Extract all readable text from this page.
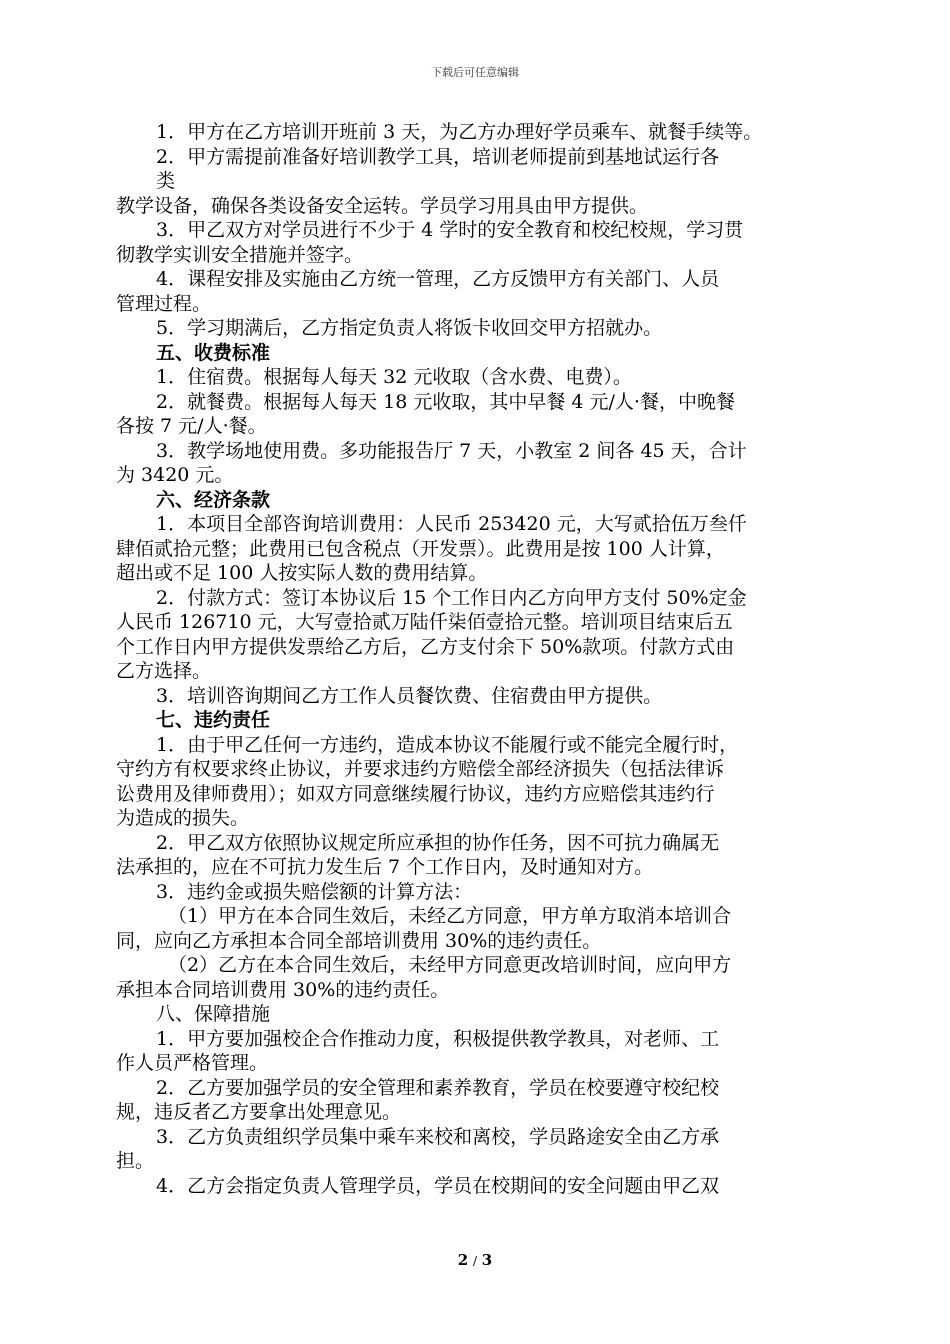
下载后可任意编辑
1．甲方在乙方培训开班前 3 天，为乙方办理好学员乘车、就餐手续等。
2．甲方需提前准备好培训教学工具，培训老师提前到基地试运行各
类
教学设备，确保各类设备安全运转。学员学习用具由甲方提供。
3．甲乙双方对学员进行不少于 4 学时的安全教育和校纪校规，学习贯
彻教学实训安全措施并签字。
4．课程安排及实施由乙方统一管理，乙方反馈甲方有关部门、人员
管理过程。
5．学习期满后，乙方指定负责人将饭卡收回交甲方招就办。
五、收费标准
1．住宿费。根据每人每天 32 元收取（含水费、电费）。
2．就餐费。根据每人每天 18 元收取，其中早餐 4 元/人·餐，中晚餐
各按 7 元/人·餐。
3．教学场地使用费。多功能报告厅 7 天，小教室 2 间各 45 天，合计
为 3420 元。
六、经济条款
1．本项目全部咨询培训费用：人民币 253420 元，大写贰拾伍万叁仟
肆佰贰拾元整；此费用已包含税点（开发票）。此费用是按 100 人计算，
超出或不足 100 人按实际人数的费用结算。
2．付款方式：签订本协议后 15 个工作日内乙方向甲方支付 50%定金
人民币 126710 元，大写壹拾贰万陆仟柒佰壹拾元整。培训项目结束后五
个工作日内甲方提供发票给乙方后，乙方支付余下 50%款项。付款方式由
乙方选择。
3．培训咨询期间乙方工作人员餐饮费、住宿费由甲方提供。
七、违约责任
1．由于甲乙任何一方违约，造成本协议不能履行或不能完全履行时，
守约方有权要求终止协议，并要求违约方赔偿全部经济损失（包括法律诉
讼费用及律师费用）；如双方同意继续履行协议，违约方应赔偿其违约行
为造成的损失。
2．甲乙双方依照协议规定所应承担的协作任务，因不可抗力确属无
法承担的，应在不可抗力发生后 7 个工作日内，及时通知对方。
3．违约金或损失赔偿额的计算方法：
（1）甲方在本合同生效后，未经乙方同意，甲方单方取消本培训合
同，应向乙方承担本合同全部培训费用 30%的违约责任。
（2）乙方在本合同生效后，未经甲方同意更改培训时间，应向甲方
承担本合同培训费用 30%的违约责任。
八、保障措施
1．甲方要加强校企合作推动力度，积极提供教学教具，对老师、工
作人员严格管理。
2．乙方要加强学员的安全管理和素养教育，学员在校要遵守校纪校
规，违反者乙方要拿出处理意见。
3．乙方负责组织学员集中乘车来校和离校，学员路途安全由乙方承
担。
4．乙方会指定负责人管理学员，学员在校期间的安全问题由甲乙双
2 / 3
